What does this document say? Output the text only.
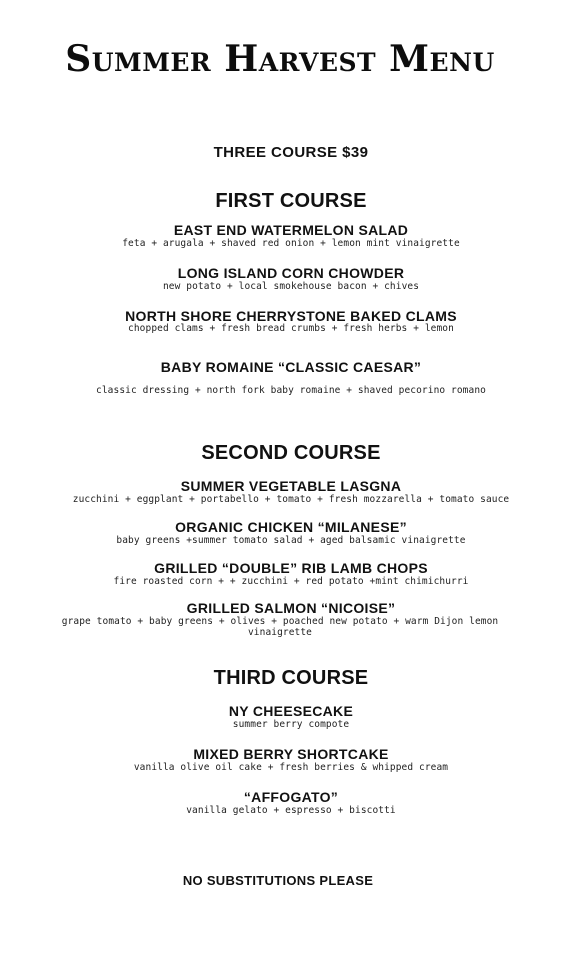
Summer Harvest Menu
THREE COURSE $39
FIRST COURSE
EAST END WATERMELON SALAD
feta + arugala + shaved red onion + lemon mint vinaigrette
LONG ISLAND CORN CHOWDER
new potato + local smokehouse bacon + chives
NORTH SHORE CHERRYSTONE BAKED CLAMS
chopped clams + fresh bread crumbs + fresh herbs + lemon
BABY ROMAINE “CLASSIC CAESAR”
classic dressing + north fork baby romaine + shaved pecorino romano
SECOND COURSE
SUMMER VEGETABLE LASGNA
zucchini + eggplant + portabello + tomato + fresh mozzarella + tomato sauce
ORGANIC CHICKEN “MILANESE”
baby greens +summer tomato salad + aged balsamic vinaigrette
GRILLED “DOUBLE” RIB LAMB CHOPS
fire roasted corn + + zucchini + red potato +mint chimichurri
GRILLED SALMON “NICOISE”
grape tomato + baby greens + olives + poached new potato + warm Dijon lemon vinaigrette
THIRD COURSE
NY CHEESECAKE
summer berry compote
MIXED BERRY SHORTCAKE
vanilla olive oil cake + fresh berries & whipped cream
“AFFOGATO”
vanilla gelato + espresso + biscotti
NO SUBSTITUTIONS PLEASE
